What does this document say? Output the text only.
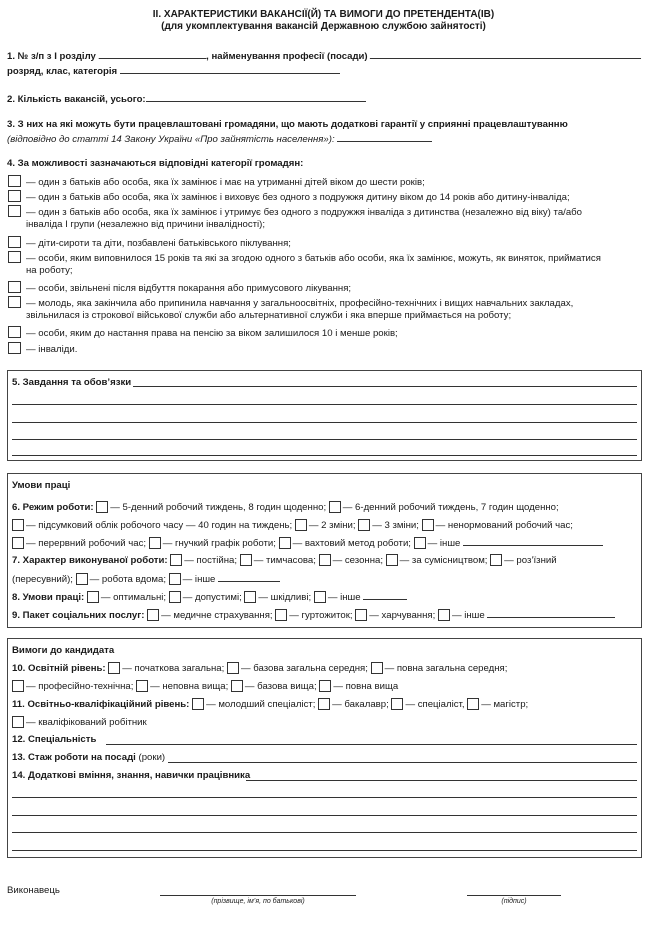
ІІ. ХАРАКТЕРИСТИКИ ВАКАНСІЇ(Й) ТА ВИМОГИ ДО ПРЕТЕНДЕНТА(ІВ)
(для укомплектування вакансій Державною службою зайнятості)
1. № з/п з І розділу	, найменування професії (посади)
розряд, клас, категорія
2. Кількість вакансій, усього:
3. З них на які можуть бути працевлаштовані громадяни, що мають додаткові гарантії у сприянні працевлаштуванню
(відповідно до статті 14 Закону України «Про зайнятість населення»):
4. За можливості зазначаються відповідні категорії громадян:
— один з батьків або особа, яка їх замінює і має на утриманні дітей віком до шести років;
— один з батьків або особа, яка їх замінює і виховує без одного з подружжя дитину віком до 14 років або дитину-інваліда;
— один з батьків або особа, яка їх замінює і утримує без одного з подружжя інваліда з дитинства (незалежно від віку) та/або
інваліда I групи (незалежно від причини інвалідності);
— діти-сироти та діти, позбавлені батьківського піклування;
— особи, яким виповнилося 15 років та які за згодою одного з батьків або особи, яка їх замінює, можуть, як виняток, прийматися
на роботу;
— особи, звільнені після відбуття покарання або примусового лікування;
— молодь, яка закінчила або припинила навчання у загальноосвітніх, професійно-технічних і вищих навчальних закладах,
звільнилася із строкової військової служби або альтернативної служби і яка вперше приймається на роботу;
— особи, яким до настання права на пенсію за віком залишилося 10 і менше років;
— інваліди.
5. Завдання та обов’язки
Умови праці
6. Режим роботи: — 5-денний робочий тиждень, 8 годин щоденно; — 6-денний робочий тиждень, 7 годин щоденно;
— підсумковий облік робочого часу — 40 годин на тиждень; — 2 зміни; — 3 зміни; — ненормований робочий час;
— перервний робочий час; — гнучкий графік роботи; — вахтовий метод роботи; — інше
7. Характер виконуваної роботи: — постійна; — тимчасова; — сезонна; — за сумісництвом; — роз’їзний
(пересувний); — робота вдома; — інше
8. Умови праці: — оптимальні; — допустимі; — шкідливі; — інше
9. Пакет соціальних послуг: — медичне страхування; — гуртожиток; — харчування; — інше
Вимоги до кандидата
10. Освітній рівень: — початкова загальна; — базова загальна середня; — повна загальна середня;
— професійно-технічна; — неповна вища; — базова вища; — повна вища
11. Освітньо-кваліфікаційний рівень: — молодший спеціаліст; — бакалавр; — спеціаліст, — магістр;
— кваліфікований робітник
12. Спеціальність
13. Стаж роботи на посаді (роки)
14. Додаткові вміння, знання, навички працівника
Виконавець
(прізвище, ім’я, по батькові)	(підпис)
